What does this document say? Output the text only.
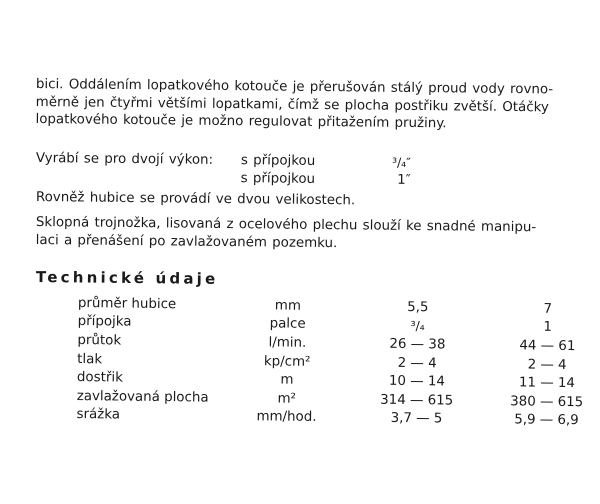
bici. Oddálením lopatkového kotouče je přerušován stálý proud vody rovno-
měrně jen čtyřmi většími lopatkami, čímž se plocha postřiku zvětší. Otáčky
lopatkového kotouče je možno regulovat přitažením pružiny.
Vyrábí se pro dvojí výkon:	s přípojkou	³/₄″
s přípojkou	1″
Rovněž hubice se provádí ve dvou velikostech.
Sklopná trojnožka, lisovaná z ocelového plechu slouží ke snadné manipu-
laci a přenášení po zavlažovaném pozemku.
Technické údaje
průměr hubice	mm	5,5	7
přípojka	palce	³/₄	1
průtok	l/min.	26 — 38	44 — 61
tlak	kp/cm²	2 — 4	2 — 4
dostřik	m	10 — 14	11 — 14
zavlažovaná plocha	m²	314 — 615	380 — 615
srážka	mm/hod.	3,7 — 5	5,9 — 6,9
